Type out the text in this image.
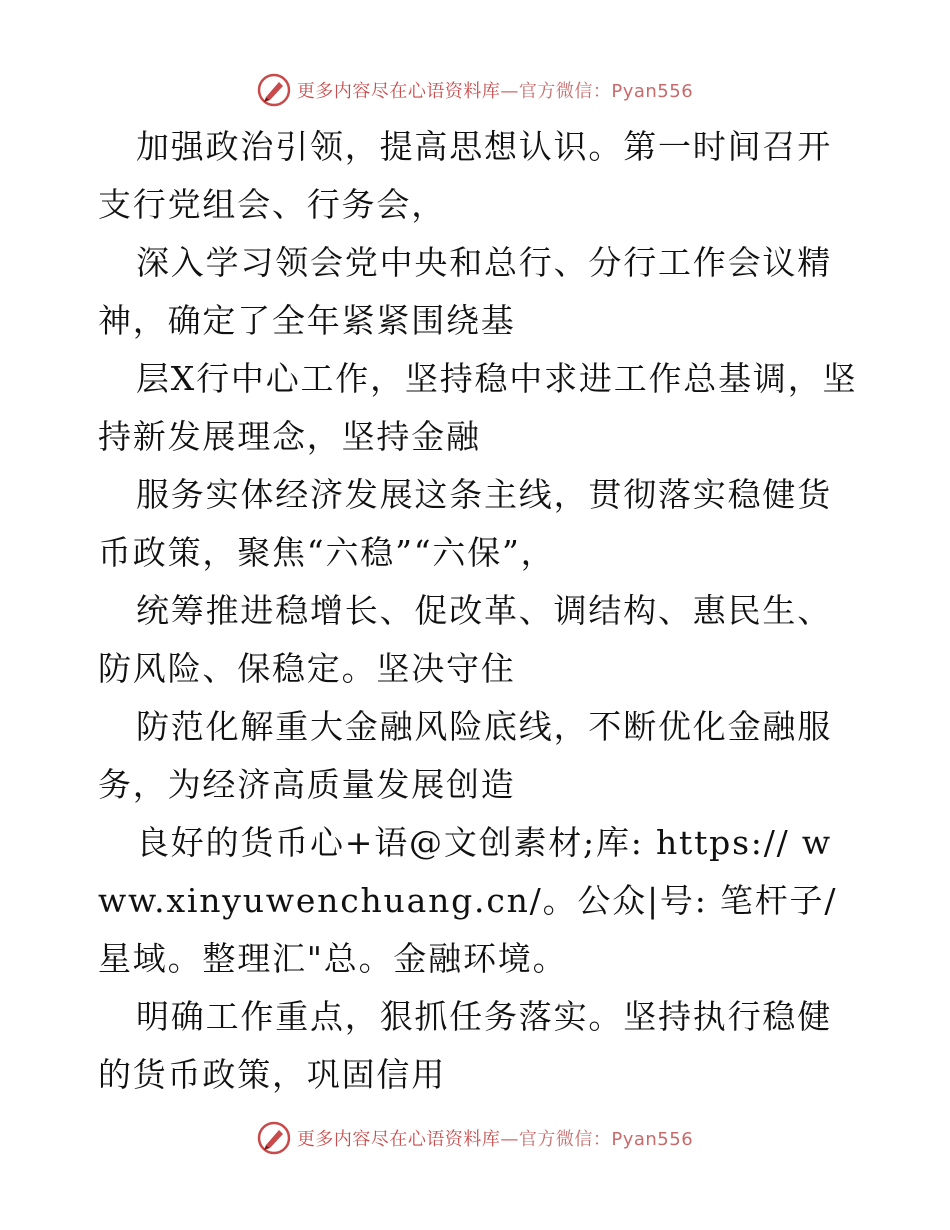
更多内容尽在心语资料库—官方微信：Pyan556

加强政治引领，提高思想认识。第一时间召开支行党组会、行务会，

深入学习领会党中央和总行、分行工作会议精神，确定了全年紧紧围绕基

层X行中心工作，坚持稳中求进工作总基调，坚持新发展理念，坚持金融

服务实体经济发展这条主线，贯彻落实稳健货币政策，聚焦“六稳”“六保”，

统筹推进稳增长、促改革、调结构、惠民生、防风险、保稳定。坚决守住

防范化解重大金融风险底线，不断优化金融服务，为经济高质量发展创造

良好的货币心+语@文创素材;库: https:// www.xinyuwenchuang.cn/。公众|号: 笔杆子/星域。整理汇"总。金融环境。

明确工作重点，狠抓任务落实。坚持执行稳健的货币政策，巩固信用

更多内容尽在心语资料库—官方微信：Pyan556
